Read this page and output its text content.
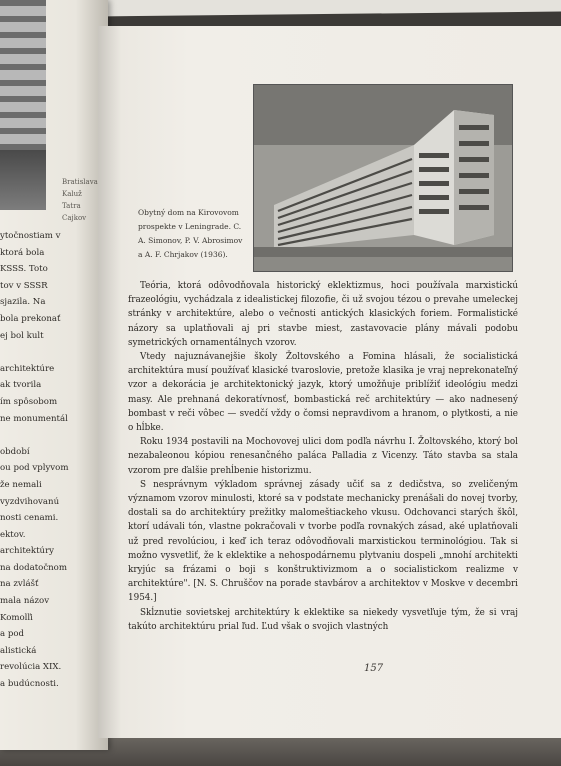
Bratislava
Kaluž
Tatra
Cajkov
ytočnostiam v
ktorá bola
KSSS. Toto
tov v SSSR
sjazila. Na
bola prekonať
ej bol kult
architektúre
ak tvorila
ím spôsobom
ne monumentál
období
ou pod vplyvom
že nemali
vyzdvihovanú
nosti cenami.
ektov.
architektúry
na dodatočnom
na zvlášť
mala názov
Komolľi
a pod
alistická
revolúcia XIX.
a budúcnosti.
Obytný dom na Kirovovom prospekte v Leningrade. C. A. Simonov, P. V. Abrosimov a A. F. Chrjakov (1936).

Teória, ktorá odôvodňovala historický eklektizmus, hoci používala marxistickú frazeológiu, vychádzala z idealistickej filozofie, či už svojou tézou o prevahe umeleckej stránky v architektúre, alebo o večnosti antických klasických foriem. Formalistické názory sa uplatňovali aj pri stavbe miest, zastavovacie plány mávali podobu symetrických ornamentálnych vzorov.

Vtedy najuznávanejšie školy Žoltovského a Fomina hlásali, že socialistická architektúra musí používať klasické tvaroslovie, pretože klasika je vraj neprekonateľný vzor a dekorácia je architektonický jazyk, ktorý umožňuje priblížiť ideológiu medzi masy. Ale prehnaná dekoratívnosť, bombastická reč architektúry — ako nadnesený bombast v reči vôbec — svedčí vždy o čomsi nepravdivom a hranom, o plytkosti, a nie o hĺbke.

Roku 1934 postavili na Mochovovej ulici dom podľa návrhu I. Žoltovského, ktorý bol nezabaleonou kópiou renesančného paláca Palladia z Vicenzy. Táto stavba sa stala vzorom pre ďalšie prehĺbenie historizmu.

S nesprávnym výkladom správnej zásady učiť sa z dedičstva, so zveličeným významom vzorov minulosti, ktoré sa v podstate mechanicky prenášali do novej tvorby, dostali sa do architektúry prežitky malomeštiackeho vkusu. Odchovanci starých škôl, ktorí udávali tón, vlastne pokračovali v tvorbe podľa rovnakých zásad, aké uplatňovali už pred revolúciou, i keď ich teraz odôvodňovali marxistickou terminológiou. Tak si možno vysvetliť, že k eklektike a nehospodárnemu plytvaniu dospeli „mnohí architekti kryjúc sa frázami o boji s konštruktivizmom a o socialistickom realizme v architektúre". [N. S. Chruščov na porade stavbárov a architektov v Moskve v decembri 1954.]

Skĺznutie sovietskej architektúry k eklektike sa niekedy vysvetľuje tým, že si vraj takúto architektúru prial ľud. Ľud však o svojich vlastných

157
